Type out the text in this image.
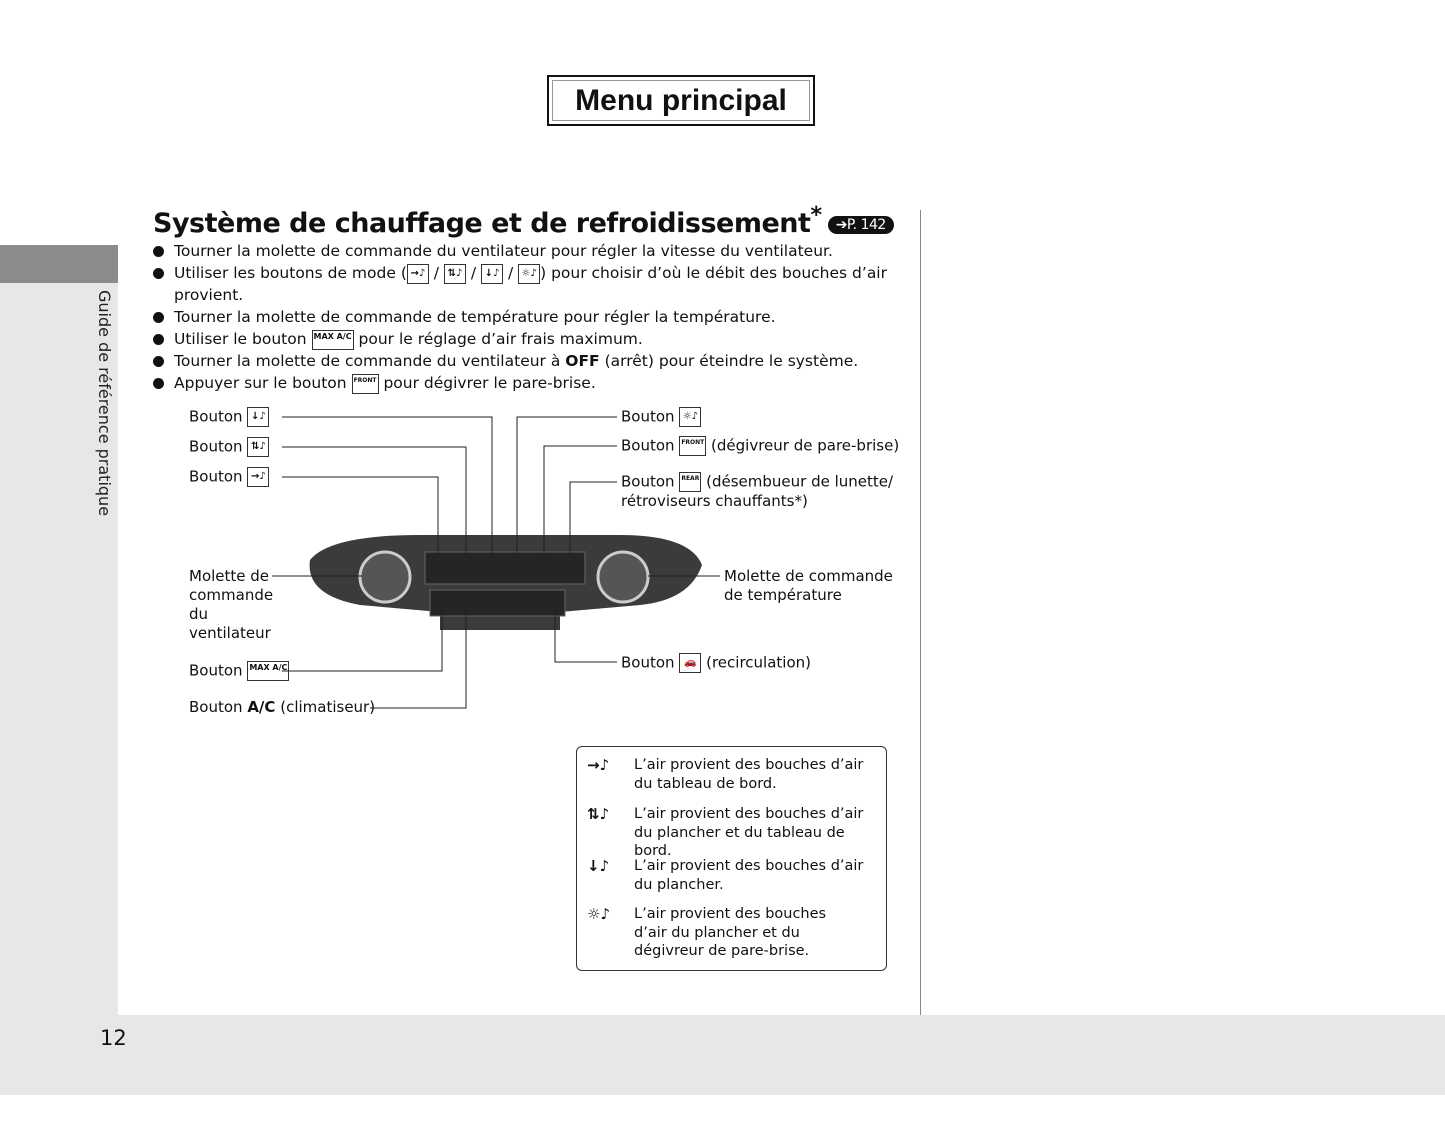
Menu principal
Guide de référence pratique
12
Système de chauffage et de refroidissement* ➔P. 142
Tourner la molette de commande du ventilateur pour régler la vitesse du ventilateur.
Utiliser les boutons de mode ( →♪ / ⇅♪ / ↓♪ / ☼♪ ) pour choisir d’où le débit des bouches d’air provient.
Tourner la molette de commande de température pour régler la température.
Utiliser le bouton MAX A/C pour le réglage d’air frais maximum.
Tourner la molette de commande du ventilateur à OFF (arrêt) pour éteindre le système.
Appuyer sur le bouton FRONT pour dégivrer le pare-brise.
Bouton ↓♪
Bouton ⇅♪
Bouton →♪
Bouton ☼♪
Bouton FRONT (dégivreur de pare-brise)
Bouton REAR (désembueur de lunette/ rétroviseurs chauffants*)
Molette de commande du ventilateur
Molette de commande de température
Bouton MAX A/C
Bouton A/C (climatiseur)
Bouton 🚗 (recirculation)
→♪	L’air provient des bouches d’air du tableau de bord.
⇅♪	L’air provient des bouches d’air du plancher et du tableau de bord.
↓♪	L’air provient des bouches d’air du plancher.
☼♪	L’air provient des bouches d’air du plancher et du dégivreur de pare-brise.
